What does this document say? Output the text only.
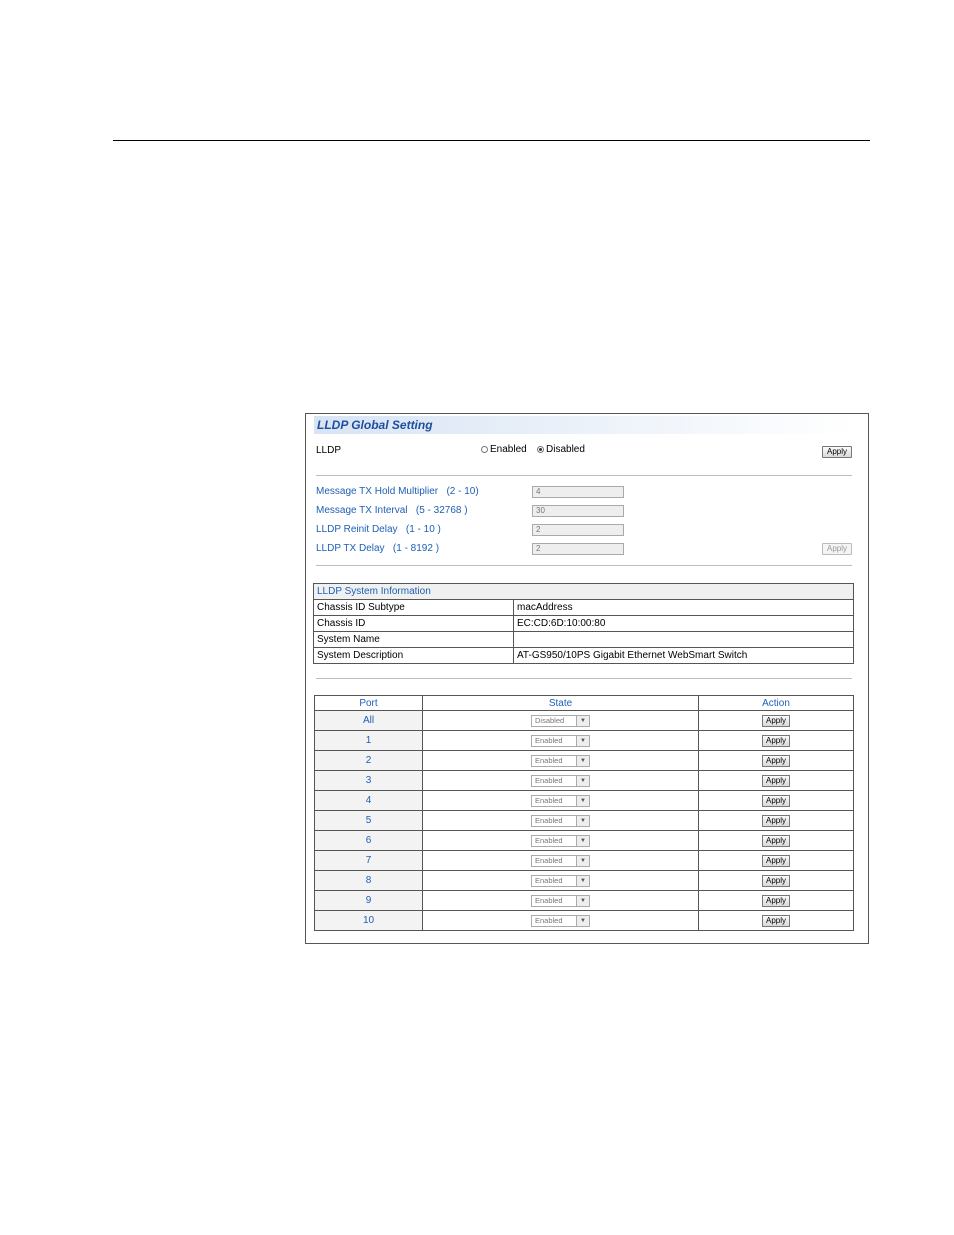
LLDP Global Setting
LLDP	Enabled Disabled	Apply
Message TX Hold Multiplier (2 - 10)	4
Message TX Interval (5 - 32768 )	30
LLDP Reinit Delay (1 - 10 )	2
LLDP TX Delay (1 - 8192 )	2	Apply
LLDP System Information	
Chassis ID Subtype	macAddress
Chassis ID	EC:CD:6D:10:00:80
System Name	
System Description	AT-GS950/10PS Gigabit Ethernet WebSmart Switch
Port	State	Action
All	Disabled ▼	Apply
1	Enabled ▼	Apply
2	Enabled ▼	Apply
3	Enabled ▼	Apply
4	Enabled ▼	Apply
5	Enabled ▼	Apply
6	Enabled ▼	Apply
7	Enabled ▼	Apply
8	Enabled ▼	Apply
9	Enabled ▼	Apply
10	Enabled ▼	Apply
